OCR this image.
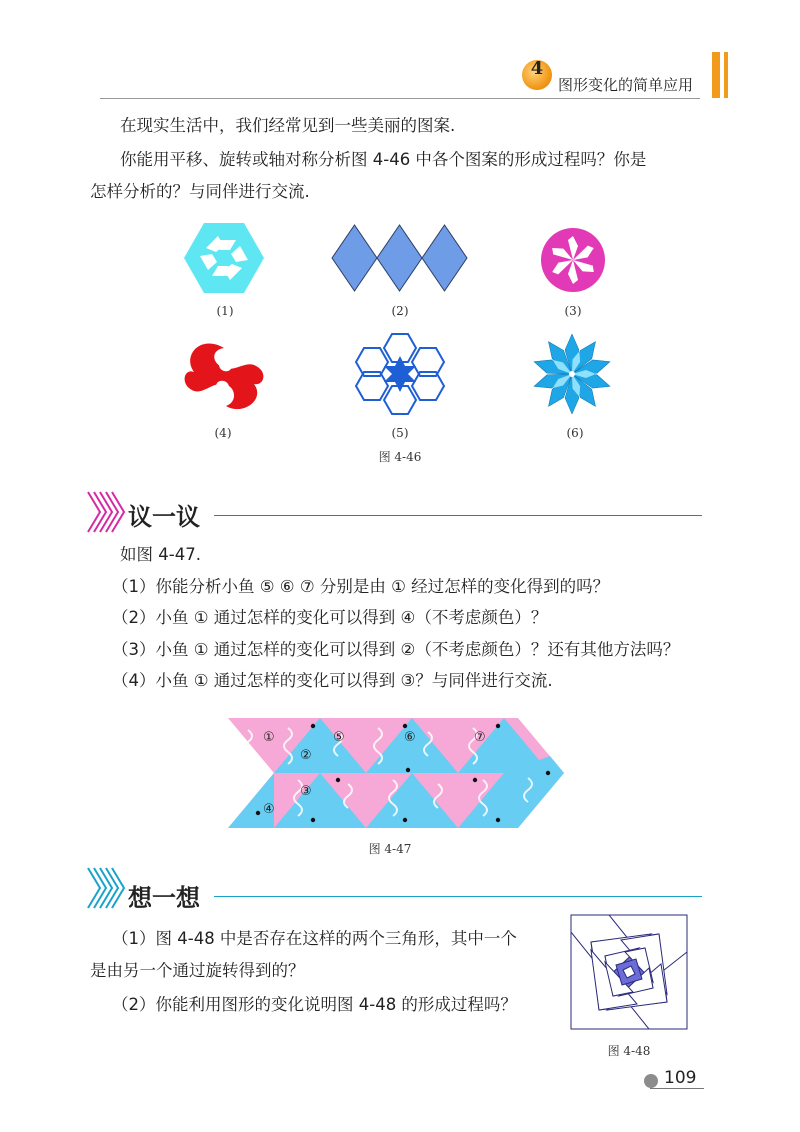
4
图形变化的简单应用
在现实生活中，我们经常见到一些美丽的图案.
你能用平移、旋转或轴对称分析图 4-46 中各个图案的形成过程吗？你是
怎样分析的？与同伴进行交流.
(1)	(2)	(3)
(4)	(5)	(6)
图 4-46
议一议
如图 4-47.
（1）你能分析小鱼 ⑤ ⑥ ⑦ 分别是由 ① 经过怎样的变化得到的吗？
（2）小鱼 ① 通过怎样的变化可以得到 ④（不考虑颜色）？
（3）小鱼 ① 通过怎样的变化可以得到 ②（不考虑颜色）？还有其他方法吗？
（4）小鱼 ① 通过怎样的变化可以得到 ③？与同伴进行交流.
①
②
⑤	⑥	⑦
③
④
图 4-47
想一想
（1）图 4-48 中是否存在这样的两个三角形，其中一个
是由另一个通过旋转得到的？
（2）你能利用图形的变化说明图 4-48 的形成过程吗？
图 4-48
109
